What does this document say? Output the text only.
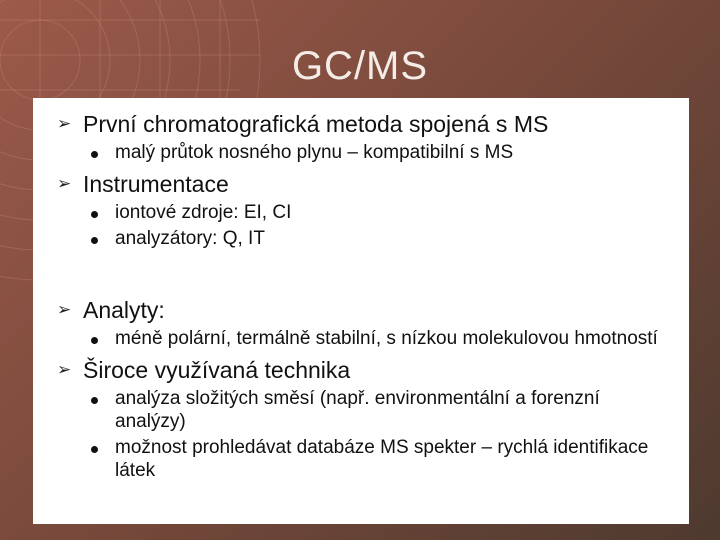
GC/MS
➢ První chromatografická metoda spojená s MS
malý průtok nosného plynu – kompatibilní s MS
➢ Instrumentace
iontové zdroje: EI, CI
analyzátory: Q, IT
➢ Analyty:
méně polární, termálně stabilní, s nízkou molekulovou hmotností
➢ Široce využívaná technika
analýza složitých směsí (např. environmentální a forenzní analýzy)
možnost prohledávat databáze MS spekter – rychlá identifikace látek
